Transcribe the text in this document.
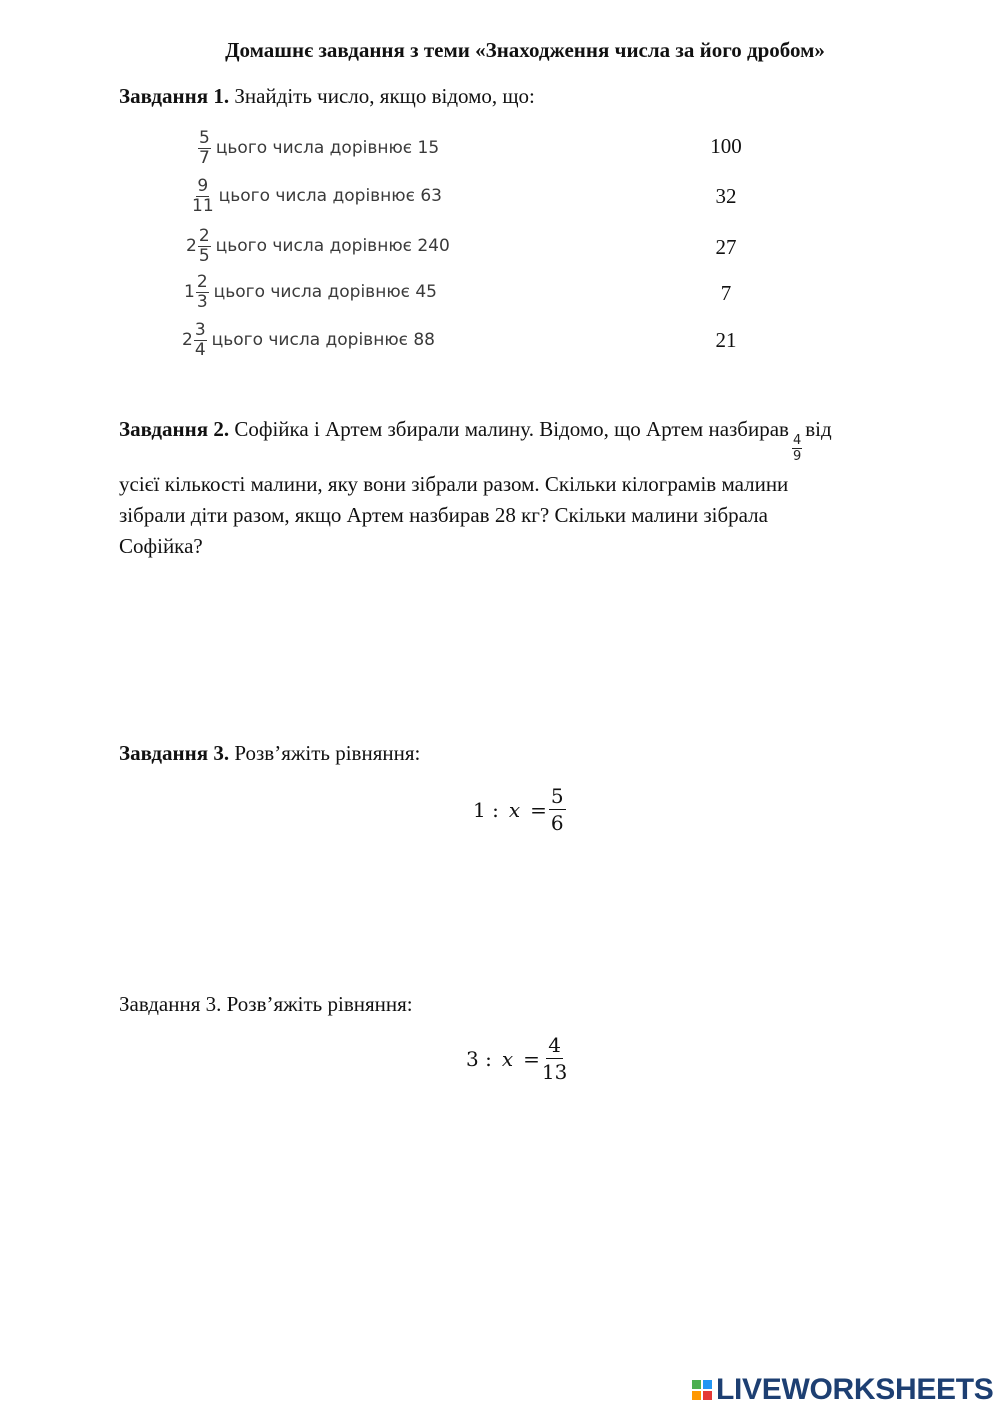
Домашнє завдання з теми «Знаходження числа за його дробом»
Завдання 1. Знайдіть число, якщо відомо, що:
$\frac{5}{7}$ цього числа дорівнює 15
$\frac{9}{11}$ цього числа дорівнює 63
$2 \frac{2}{5}$ цього числа дорівнює 240
$1 \frac{2}{3}$ цього числа дорівнює 45
$2 \frac{3}{4}$ цього числа дорівнює 88
100
32
27
7
21
Завдання 2. Софійка і Артем збирали малину. Відомо, що Артем назбирав
$\frac{4}{9}$
від
усієї кількості малини, яку вони зібрали разом. Скільки кілограмів малини
зібрали діти разом, якщо Артем назбирав 28 кг? Скільки малини зібрала
Софійка?
Завдання 3. Розв’яжіть рівняння:
1 : $x = \frac{5}{6}$
Завдання 3. Розв’яжіть рівняння:
3 : $x = \frac{4}{13}$
LIVEWORKSHEETS
